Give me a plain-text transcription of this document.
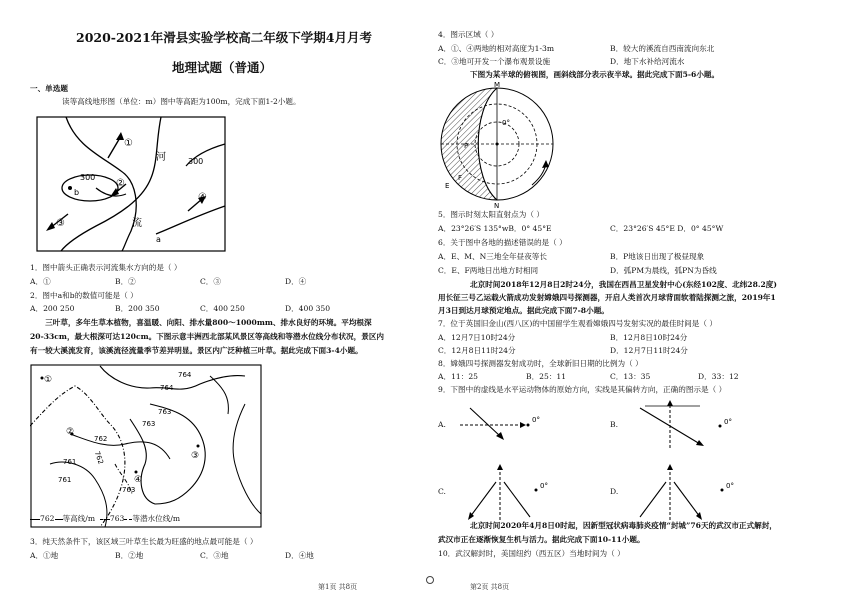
2020-2021年滑县实验学校高二年级下学期4月月考
地理试题（普通）
一、单选题
读等高线地形图（单位：m）图中等高距为100m，完成下面1-2小题。
300
300
①
②
③
④
b
a
河
流
1．图中箭头正确表示河流集水方向的是（ ）
A．①	B．②	C．③	D．④
2．图中a和b的数值可能是（ ）
A．200 250	B．200 350	C．400 250	D．400 350
　　三叶草，多年生草本植物，喜温暖、向阳、排水量800～1000mm、排水良好的环境。平均根深
20-33cm，最大根深可达120cm。下图示意丰洲西北部某风景区等高线和等潜水位线分布状况，景区内
有一较大溪流发育，该溪流径流量季节差异明显。景区内广泛种植三叶草。据此完成下面3-4小题。
764
764
763
763
762
762
761
761
763
①
②
③
④
762 等高线/m 763 等潜水位线/m
3．纯天然条件下，该区域三叶草生长最为旺盛的地点最可能是（ ）
A．①地	B．②地	C．③地	D．④地
第1页 共8页
4．图示区域（ ）
A．①、④两地的相对高度为1-3m	B．较大的溪流自西南流向东北
C．③地可开发一个瀑布观景设施	D．地下水补给河流水
下图为某半球的俯视图，画斜线部分表示夜半球。据此完成下面5-6小题。
M
N
P
E
F
0°
5．图示时刻太阳直射点为（ ）
A．23°26′S 135°wB．0° 45°E	C．23°26′S 45°E D．0° 45°W
6．关于图中各地的描述错误的是（ ）
A．E、M、N三地全年昼夜等长	B．P地该日出现了极昼现象
C．E、F两地日出地方时相同	D．弧PM为晨线，弧PN为昏线
北京时间2018年12月8日2时24分，我国在西昌卫星发射中心(东经102度、北纬28.2度)
用长征三号乙运载火箭成功发射嫦娥四号探测器，开启人类首次月球背面软着陆探测之旅，2019年1
月3日到达月球预定地点。据此完成下面7-8小题。
7．位于英国旧金山(西八区)的中国留学生观看嫦娥四号发射实况的最佳时间是（ ）
A．12月7日10时24分	B．12月8日10时24分
C．12月8日11时24分	D．12月7日11时24分
8．嫦娥四号探测器发射成功时，全球新旧日期的比例为（ ）
A．11：25	B．25：11	C．13：35	D．33：12
9．下图中的虚线是水平运动物体的原始方向，实线是其偏转方向，正确的图示是（ ）
A.	0°	B.	0°
C.
0°
D.
0°
北京时间2020年4月8日0时起，因新型冠状病毒肺炎疫情“封城”76天的武汉市正式解封，
武汉市正在逐渐恢复生机与活力。据此完成下面10-11小题。
10．武汉解封时，美国纽约（西五区）当地时间为（ ）
第2页 共8页
